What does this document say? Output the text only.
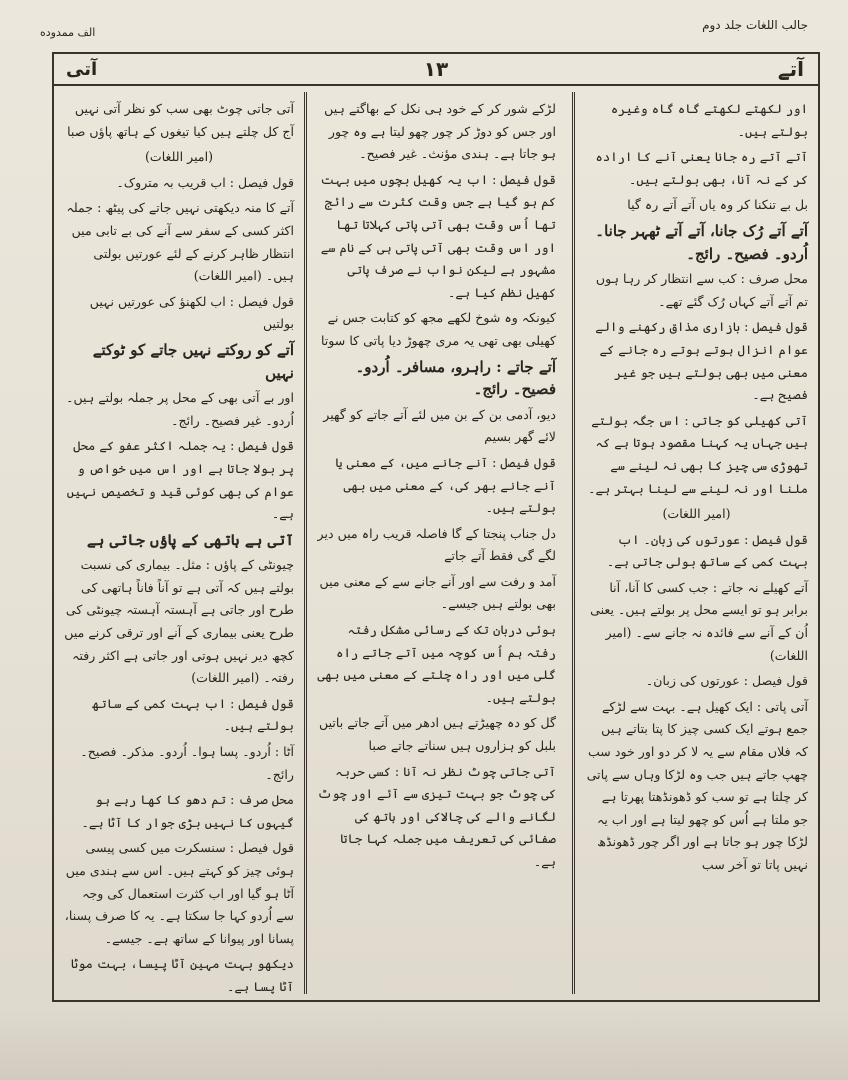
جالب اللغات جلد دوم
الف ممدوده
آتے
۱۳
آتی

اور لکھتے لکھتے گاہ گاہ وغیرہ بولتے ہیں۔

آتے آتے رہ جانا یعنی آنے کا ارادہ کر کے نہ آنا، بھی بولتے ہیں۔

بل بے تنکنا کر وہ یاں آتے آتے رہ گیا

آتے آتے رُک جانا، آتے آتے ٹھہر جانا۔ اُردو۔ فصیح۔ رائج۔

محل صرف : کب سے انتظار کر رہا ہوں تم آتے آتے کہاں رُک گئے تھے۔

قول فیصل : بازاری مذاق رکھنے والے عوام انزال ہوتے ہوتے رہ جانے کے معنی میں بھی بولتے ہیں جو غیر فصیح ہے۔

آتی کھیلی کو جاتی : اس جگہ بولتے ہیں جہاں یہ کہنا مقصود ہوتا ہے کہ تھوڑی سی چیز کا بھی نہ لینے سے ملنا اور نہ لینے سے لینا بہتر ہے۔

(امیر اللغات)

قول فیصل : عورتوں کی زبان۔ اب بہت کمی کے ساتھ بولی جاتی ہے۔

آتے کھیلے نہ جاتے : جب کسی کا آنا، آنا برابر ہو تو ایسے محل پر بولتے ہیں۔ یعنی اُن کے آنے سے فائدہ نہ جانے سے۔ (امیر اللغات)

قول فیصل : عورتوں کی زبان۔

آتی پاتی : ایک کھیل ہے۔ بہت سے لڑکے جمع ہوتے ایک کسی چیز کا پتا بتاتے ہیں کہ فلاں مقام سے یہ لا کر دو اور خود سب چھپ جاتے ہیں جب وہ لڑکا وہاں سے پاتی کر چلتا ہے تو سب کو ڈھونڈھتا پھرتا ہے جو ملتا ہے اُس کو چھو لیتا ہے اور اب یہ لڑکا چور ہو جاتا ہے اور اگر چور ڈھونڈھ نہیں پاتا تو آخر سب

لڑکے شور کر کے خود ہی نکل کے بھاگتے ہیں اور جس کو دوڑ کر چور چھو لیتا ہے وہ چور ہو جاتا ہے۔ ہندی مؤنث۔ غیر فصیح۔

قول فیصل : اب یہ کھیل بچوں میں بہت کم ہو گیا ہے جس وقت کثرت سے رائج تھا اُس وقت بھی آتی پاتی کہلاتا تھا اور اس وقت بھی آتی پاتی ہی کے نام سے مشہور ہے لیکن نواب نے صرف پاتی کھیل نظم کیا ہے۔

کیونکہ وہ شوخ لکھے مجھ کو کتابت جس نے کھیلی بھی تھی یہ مری چھوڑ دیا پاتی کا سوتا

آتے جاتے : راہرو، مسافر۔ اُردو۔ فصیح۔ رائج۔

دیو، آدمی بن کے بن میں لئے آتے جاتے کو گھیر لائے گھر بسیم

قول فیصل : آنے جانے میں، کے معنی یا آنے جانے بھر کی، کے معنی میں بھی بولتے ہیں۔

دل جناب پنجتا کے گا فاصلہ قریب راہ میں دیر لگے گی فقط آتے جاتے

آمد و رفت سے اور آنے جانے سے کے معنی میں بھی بولتے ہیں جیسے۔

ہوئی دربان تک کے رسائی مشکل رفتہ رفتہ ہم اُس کوچہ میں آتے جاتے راہ گلی میں اور راہ چلتے کے معنی میں بھی بولتے ہیں۔

گل کو دہ چھیڑتے ہیں ادھر میں آتے جاتے باتیں بلبل کو ہزاروں ہیں سناتے جاتے صبا

آتی جاتی چوٹ نظر نہ آنا : کسی حربہ کی چوٹ جو بہت تیزی سے آئے اور چوٹ لگانے والے کی چالاکی اور ہاتھ کی صفائی کی تعریف میں جملہ کہا جاتا ہے۔

آتی جاتی چوٹ بھی سب کو نظر آتی نہیں آج کل چلتے ہیں کیا تیغوں کے ہاتھ پاؤں صبا

(امیر اللغات)

قول فیصل : اب قریب بہ متروک۔

آتے کا منہ دیکھتی نہیں جاتے کی پیٹھ : جملہ اکثر کسی کے سفر سے آنے کی بے تابی میں انتظار ظاہر کرنے کے لئے عورتیں بولتی ہیں۔ (امیر اللغات)

قول فیصل : اب لکھنؤ کی عورتیں نہیں بولتیں

آتے کو روکتے نہیں جاتے کو ٹوکتے نہیں

اور بے آتی بھی کے محل پر جملہ بولتے ہیں۔ اُردو۔ غیر فصیح۔ رائج۔

قول فیصل : یہ جملہ اکثر عفو کے محل پر بولا جاتا ہے اور اس میں خواص و عوام کی بھی کوئی قید و تخصیص نہیں ہے۔

آتی ہے ہاتھی کے پاؤں جاتی ہے

چیونٹی کے پاؤں : مثل۔ بیماری کی نسبت بولتے ہیں کہ آتی ہے تو آناً فاناً ہاتھی کی طرح اور جاتی ہے آہستہ آہستہ چیونٹی کی طرح یعنی بیماری کے آنے اور ترقی کرنے میں کچھ دیر نہیں ہوتی اور جاتی ہے اکثر رفتہ رفتہ۔ (امیر اللغات)

قول فیصل : اب بہت کمی کے ساتھ بولتے ہیں۔

آٹا : اُردو۔ پسا ہوا۔ اُردو۔ مذکر۔ فصیح۔ رائج۔

محل صرف : تم دھو کا کھا رہے ہو گیہوں کا نہیں بڑی جوار کا آٹا ہے۔

قول فیصل : سنسکرت میں کسی پیسی ہوئی چیز کو کہتے ہیں۔ اس سے ہندی میں آٹا ہو گیا اور اب کثرت استعمال کی وجہ سے اُردو کہا جا سکتا ہے۔ یہ کا صرف پسنا، پسانا اور پیوانا کے ساتھ ہے۔ جیسے۔

دیکھو بہت مہین آٹا پیسا، بہت موٹا آٹا پسا ہے۔
